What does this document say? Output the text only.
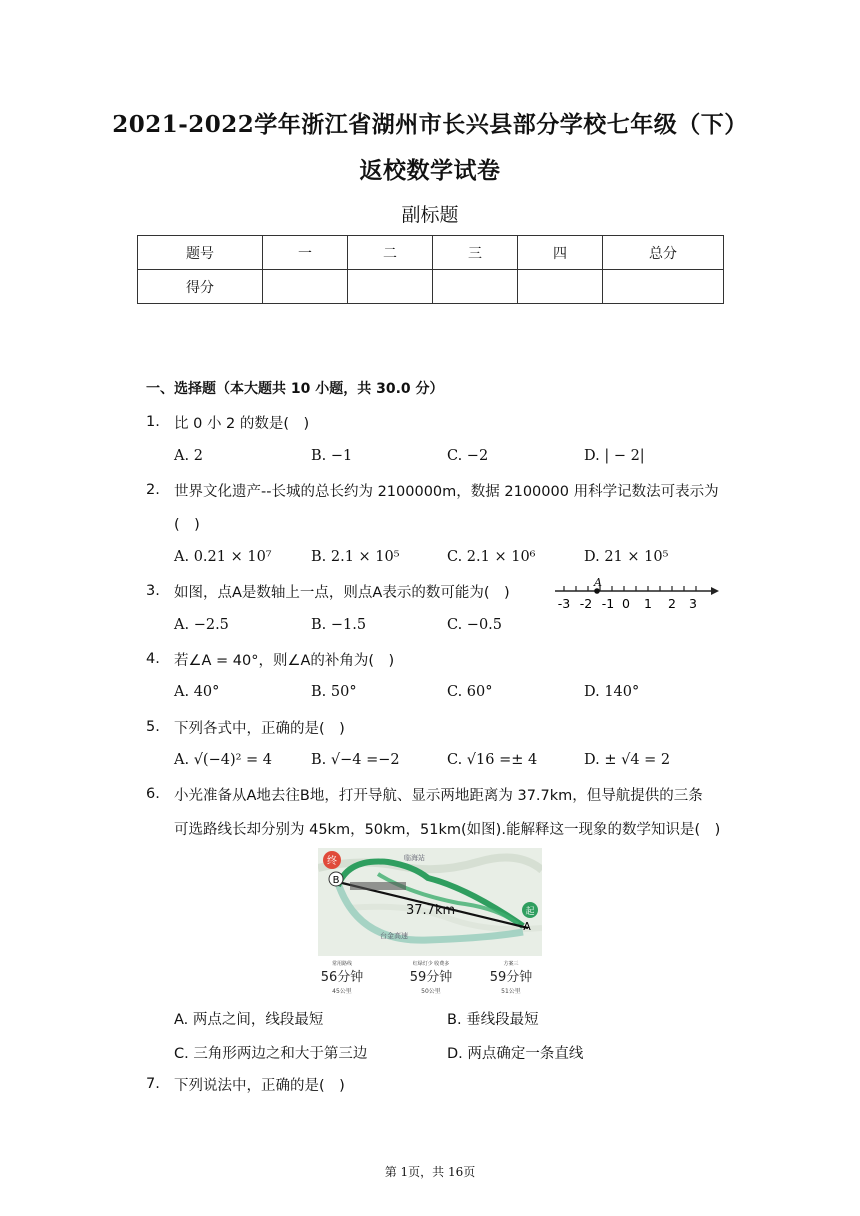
2021-2022学年浙江省湖州市长兴县部分学校七年级（下）
返校数学试卷
副标题
题号	一	二	三	四	总分
得分					
一、选择题（本大题共 10 小题，共 30.0 分）
1. 比 0 小 2 的数是(　)
A. 2	B. −1	C. −2	D. | − 2|
2. 世界文化遗产--长城的总长约为 2100000m，数据 2100000 用科学记数法可表示为
(　)
A. 0.21 × 10⁷	B. 2.1 × 10⁵	C. 2.1 × 10⁶	D. 21 × 10⁵
3. 如图，点A是数轴上一点，则点A表示的数可能为(　)
A
-3 -2 -1 0 1 2 3
A. −2.5	B. −1.5	C. −0.5
4. 若∠A = 40°，则∠A的补角为(　)
A. 40°	B. 50°	C. 60°	D. 140°
5. 下列各式中，正确的是(　)
A. √(−4)² = 4	B. √−4 =−2	C. √16 =± 4	D. ± √4 = 2
6. 小光准备从A地去往B地，打开导航、显示两地距离为 37.7km，但导航提供的三条
可选路线长却分别为 45km，50km，51km(如图).能解释这一现象的数学知识是(　)
终
B
起
A
37.7km
临海站
台金高速
常用路线
56分钟
45公里
红绿灯少 收费多
59分钟
50公里
方案三
59分钟
51公里
A. 两点之间，线段最短	B. 垂线段最短
C. 三角形两边之和大于第三边	D. 两点确定一条直线
7. 下列说法中，正确的是(　)
第 1页，共 16页
